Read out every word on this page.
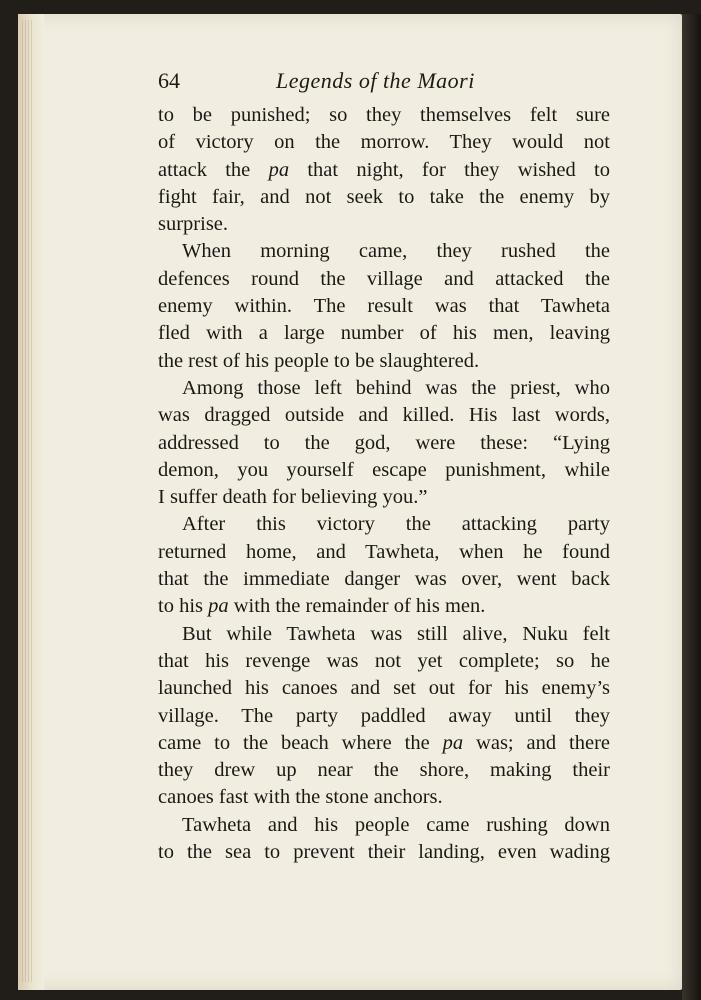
64	Legends of the Maori
to be punished; so they themselves felt sure
of victory on the morrow. They would not
attack the pa that night, for they wished to
fight fair, and not seek to take the enemy by
surprise.
When morning came, they rushed the
defences round the village and attacked the
enemy within. The result was that Tawheta
fled with a large number of his men, leaving
the rest of his people to be slaughtered.
Among those left behind was the priest, who
was dragged outside and killed. His last words,
addressed to the god, were these: “Lying
demon, you yourself escape punishment, while
I suffer death for believing you.”
After this victory the attacking party
returned home, and Tawheta, when he found
that the immediate danger was over, went back
to his pa with the remainder of his men.
But while Tawheta was still alive, Nuku felt
that his revenge was not yet complete; so he
launched his canoes and set out for his enemy’s
village. The party paddled away until they
came to the beach where the pa was; and there
they drew up near the shore, making their
canoes fast with the stone anchors.
Tawheta and his people came rushing down
to the sea to prevent their landing, even wading
